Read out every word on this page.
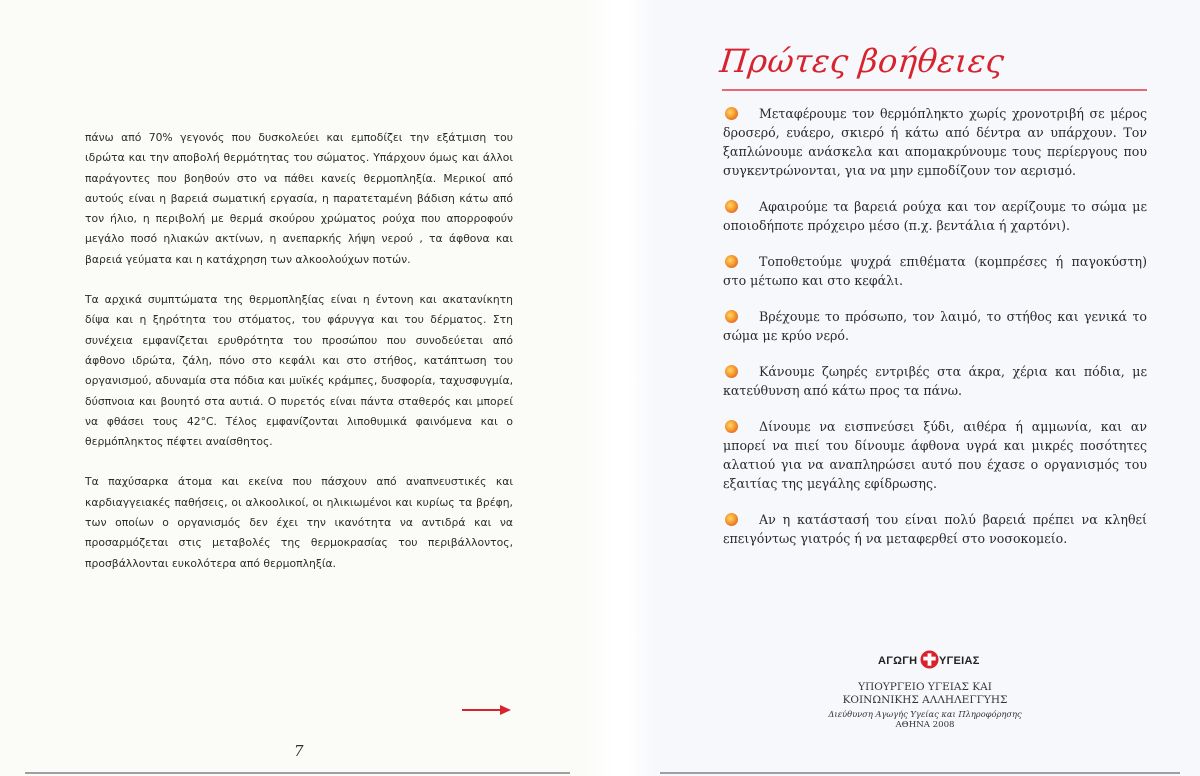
πάνω από 70% γεγονός που δυσκολεύει και εμποδίζει την εξάτμιση του ιδρώτα και την αποβολή θερμότητας του σώματος. Υπάρχουν όμως και άλλοι παράγοντες που βοηθούν στο να πάθει κανείς θερμοπληξία. Μερικοί από αυτούς είναι η βαρειά σωματική εργασία, η παρατεταμένη βάδιση κάτω από τον ήλιο, η περιβολή με θερμά σκούρου χρώματος ρούχα που απορροφούν μεγάλο ποσό ηλιακών ακτίνων, η ανεπαρκής λήψη νερού , τα άφθονα και βαρειά γεύματα και η κατάχρηση των αλκοολούχων ποτών.

Τα αρχικά συμπτώματα της θερμοπληξίας είναι η έντονη και ακατανίκητη δίψα και η ξηρότητα του στόματος, του φάρυγγα και του δέρματος. Στη συνέχεια εμφανίζεται ερυθρότητα του προσώπου που συνοδεύεται από άφθονο ιδρώτα, ζάλη, πόνο στο κεφάλι και στο στήθος, κατάπτωση του οργανισμού, αδυναμία στα πόδια και μυϊκές κράμπες, δυσφορία, ταχυσφυγμία, δύσπνοια και βουητό στα αυτιά. Ο πυρετός είναι πάντα σταθερός και μπορεί να φθάσει τους 42°C. Τέλος εμφανίζονται λιποθυμικά φαινόμενα και ο θερμόπληκτος πέφτει αναίσθητος.

Τα παχύσαρκα άτομα και εκείνα που πάσχουν από αναπνευστικές και καρδιαγγειακές παθήσεις, οι αλκοολικοί, οι ηλικιωμένοι και κυρίως τα βρέφη, των οποίων ο οργανισμός δεν έχει την ικανότητα να αντιδρά και να προσαρμόζεται στις μεταβολές της θερμοκρασίας του περιβάλλοντος, προσβάλλονται ευκολότερα από θερμοπληξία.

7
Πρώτες βοήθειες
Μεταφέρουμε τον θερμόπληκτο χωρίς χρονοτριβή σε μέρος δροσερό, ευάερο, σκιερό ή κάτω από δέντρα αν υπάρχουν. Τον ξαπλώνουμε ανάσκελα και απομακρύνουμε τους περίεργους που συγκεντρώνονται, για να μην εμποδίζουν τον αερισμό.
Αφαιρούμε τα βαρειά ρούχα και τον αερίζουμε το σώμα με οποιοδήποτε πρόχειρο μέσο (π.χ. βεντάλια ή χαρτόνι).
Τοποθετούμε ψυχρά επιθέματα (κομπρέσες ή παγοκύστη) στο μέτωπο και στο κεφάλι.
Βρέχουμε το πρόσωπο, τον λαιμό, το στήθος και γενικά το σώμα με κρύο νερό.
Κάνουμε ζωηρές εντριβές στα άκρα, χέρια και πόδια, με κατεύθυνση από κάτω προς τα πάνω.
Δίνουμε να εισπνεύσει ξύδι, αιθέρα ή αμμωνία, και αν μπορεί να πιεί του δίνουμε άφθονα υγρά και μικρές ποσότητες αλατιού για να αναπληρώσει αυτό που έχασε ο οργανισμός του εξαιτίας της μεγάλης εφίδρωσης.
Αν η κατάστασή του είναι πολύ βαρειά πρέπει να κληθεί επειγόντως γιατρός ή να μεταφερθεί στο νοσοκομείο.
ΑΓΩΓΗ ΥΓΕΙΑΣ
ΥΠΟΥΡΓΕΙΟ ΥΓΕΙΑΣ ΚΑΙ
ΚΟΙΝΩΝΙΚΗΣ ΑΛΛΗΛΕΓΓΥΗΣ
Διεύθυνση Αγωγής Υγείας και Πληροφόρησης
ΑΘΗΝΑ 2008
